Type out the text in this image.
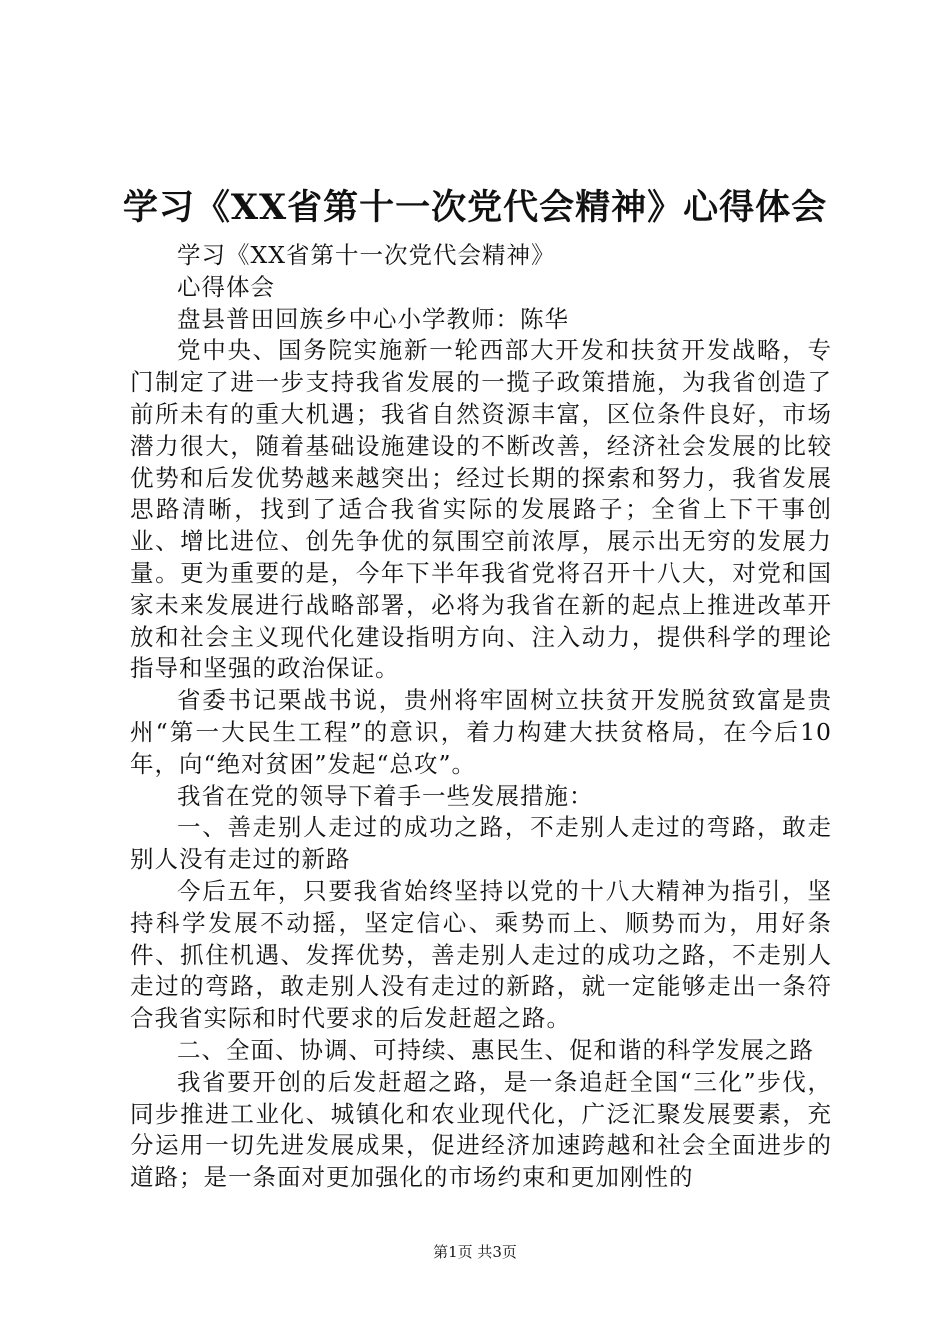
学习《XX省第十一次党代会精神》心得体会

学习《XX省第十一次党代会精神》

心得体会

盘县普田回族乡中心小学教师：陈华

党中央、国务院实施新一轮西部大开发和扶贫开发战略，专门制定了进一步支持我省发展的一揽子政策措施，为我省创造了前所未有的重大机遇；我省自然资源丰富，区位条件良好，市场潜力很大，随着基础设施建设的不断改善，经济社会发展的比较优势和后发优势越来越突出；经过长期的探索和努力，我省发展思路清晰，找到了适合我省实际的发展路子；全省上下干事创业、增比进位、创先争优的氛围空前浓厚，展示出无穷的发展力量。更为重要的是，今年下半年我省党将召开十八大，对党和国家未来发展进行战略部署，必将为我省在新的起点上推进改革开放和社会主义现代化建设指明方向、注入动力，提供科学的理论指导和坚强的政治保证。

省委书记栗战书说，贵州将牢固树立扶贫开发脱贫致富是贵州“第一大民生工程”的意识，着力构建大扶贫格局，在今后10年，向“绝对贫困”发起“总攻”。

我省在党的领导下着手一些发展措施：

一、善走别人走过的成功之路，不走别人走过的弯路，敢走别人没有走过的新路

今后五年，只要我省始终坚持以党的十八大精神为指引，坚持科学发展不动摇，坚定信心、乘势而上、顺势而为，用好条件、抓住机遇、发挥优势，善走别人走过的成功之路，不走别人走过的弯路，敢走别人没有走过的新路，就一定能够走出一条符合我省实际和时代要求的后发赶超之路。

二、全面、协调、可持续、惠民生、促和谐的科学发展之路

我省要开创的后发赶超之路，是一条追赶全国“三化”步伐，同步推进工业化、城镇化和农业现代化，广泛汇聚发展要素，充分运用一切先进发展成果，促进经济加速跨越和社会全面进步的道路；是一条面对更加强化的市场约束和更加刚性的

第1页 共3页
